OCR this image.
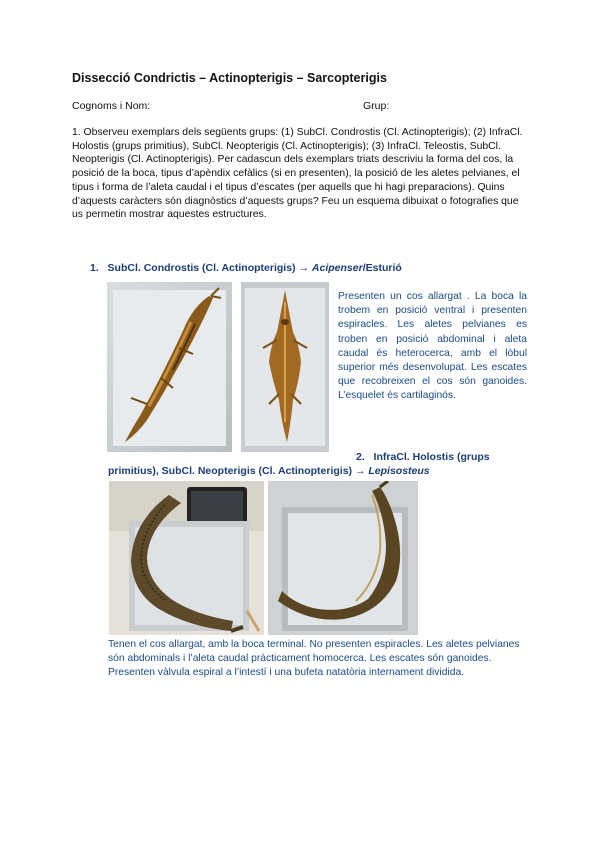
Dissecció Condrictis – Actinopterigis – Sarcopterigis
Cognoms i Nom:	Grup:

1. Observeu exemplars dels següents grups: (1) SubCl. Condrostis (Cl. Actinopterigis); (2) InfraCl. Holostis (grups primitius), SubCl. Neopterigis (Cl. Actinopterigis); (3) InfraCl. Teleostis, SubCl. Neopterigis (Cl. Actinopterigis). Per cadascun dels exemplars triats descriviu la forma del cos, la posició de la boca, tipus d’apèndix cefàlics (si en presenten), la posició de les aletes pelvianes, el tipus i forma de l’aleta caudal i el tipus d’escates (per aquells que hi hagi preparacions). Quins d’aquests caràcters són diagnòstics d’aquests grups? Feu un esquema dibuixat o fotografies que us permetin mostrar aquestes estructures.

1. SubCl. Condrostis (Cl. Actinopterigis) → Acipenser/Esturió

Presenten un cos allargat . La boca la trobem en posició ventral i presenten espiracles. Les aletes pelvianes es troben en posició abdominal i aleta caudal és heterocerca, amb el lòbul superior més desenvolupat. Les escates que recobreixen el cos són ganoides. L’esquelet és cartilaginós.

2. InfraCl. Holostis (grups
primitius), SubCl. Neopterigis (Cl. Actinopterigis) → Lepisosteus

Tenen el cos allargat, amb la boca terminal. No presenten espiracles. Les aletes pelvianes són abdominals i l’aleta caudal pràcticament homocerca. Les escates són ganoides. Presenten vàlvula espiral a l’intestí i una bufeta natatòria internament dividida.
